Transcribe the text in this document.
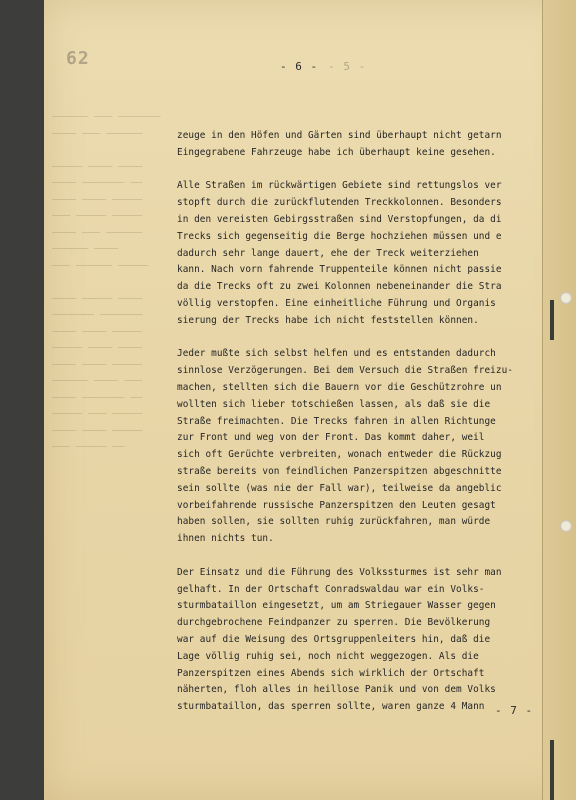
────── ─── ───────
──── ─── ──────

───── ──── ────
──── ─────── ──
──── ──── ─────
─── ───── ─────
──── ─── ──────
────── ────
─── ────── ─────

──── ───── ────
─────── ───────
──── ──── ─────
───── ──── ────
──── ──── ─────
────── ──── ───
──── ─────── ──
───── ─── ─────
──── ──── ─────
─── ───── ──
62	- 6 - - 5 -
zeuge in den Höfen und Gärten sind überhaupt nicht getarn
Eingegrabene Fahrzeuge habe ich überhaupt keine gesehen.
Alle Straßen im rückwärtigen Gebiete sind rettungslos ver
stopft durch die zurückflutenden Treckkolonnen. Besonders
in den vereisten Gebirgsstraßen sind Verstopfungen, da di
Trecks sich gegenseitig die Berge hochziehen müssen und e
dadurch sehr lange dauert, ehe der Treck weiterziehen
kann. Nach vorn fahrende Truppenteile können nicht passie
da die Trecks oft zu zwei Kolonnen nebeneinander die Stra
völlig verstopfen. Eine einheitliche Führung und Organis
sierung der Trecks habe ich nicht feststellen können.
Jeder mußte sich selbst helfen und es entstanden dadurch
sinnlose Verzögerungen. Bei dem Versuch die Straßen freizu-
machen, stellten sich die Bauern vor die Geschützrohre un
wollten sich lieber totschießen lassen, als daß sie die
Straße freimachten. Die Trecks fahren in allen Richtunge
zur Front und weg von der Front. Das kommt daher, weil
sich oft Gerüchte verbreiten, wonach entweder die Rückzug
straße bereits von feindlichen Panzerspitzen abgeschnitte
sein sollte (was nie der Fall war), teilweise da angeblic
vorbeifahrende russische Panzerspitzen den Leuten gesagt
haben sollen, sie sollten ruhig zurückfahren, man würde
ihnen nichts tun.
Der Einsatz und die Führung des Volkssturmes ist sehr man
gelhaft. In der Ortschaft Conradswaldau war ein Volks-
sturmbataillon eingesetzt, um am Striegauer Wasser gegen
durchgebrochene Feindpanzer zu sperren. Die Bevölkerung
war auf die Weisung des Ortsgruppenleiters hin, daß die
Lage völlig ruhig sei, noch nicht weggezogen. Als die
Panzerspitzen eines Abends sich wirklich der Ortschaft
näherten, floh alles in heillose Panik und von dem Volks
sturmbataillon, das sperren sollte, waren ganze 4 Mann - 7 -
